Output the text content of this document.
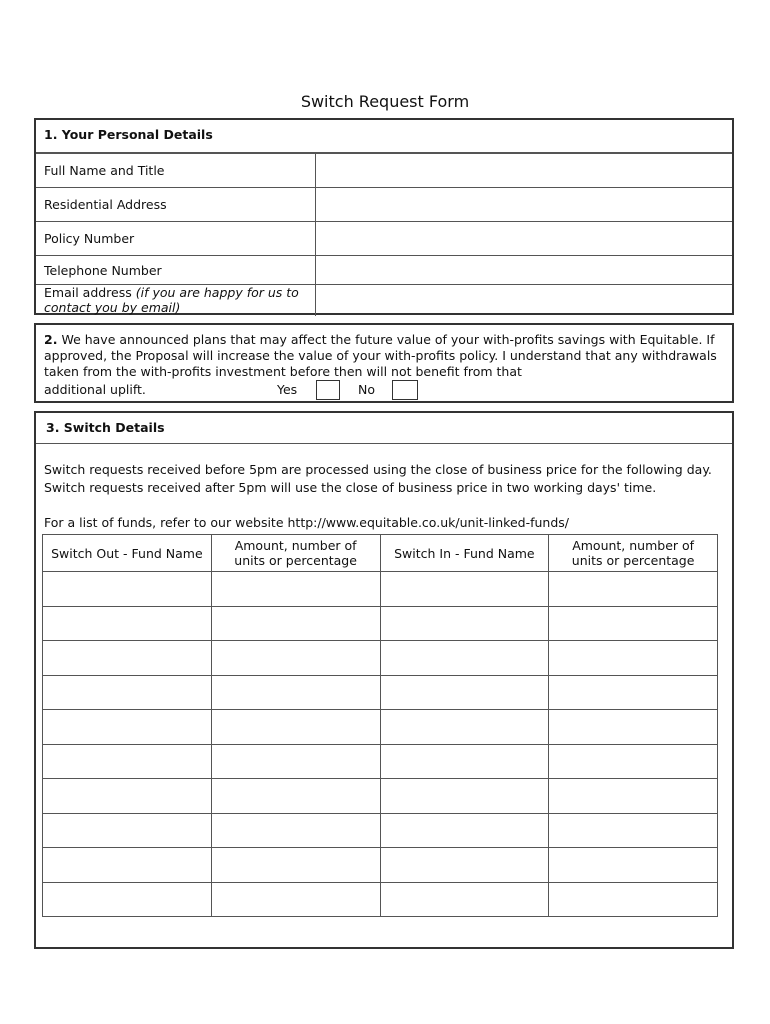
Switch Request Form
1. Your Personal Details
Full Name and Title	
Residential Address	
Policy Number	
Telephone Number	
Email address (if you are happy for us to contact you by email)	
2. We have announced plans that may affect the future value of your with-profits savings with Equitable. If approved, the Proposal will increase the value of your with-profits policy. I understand that any withdrawals taken from the with-profits investment before then will not benefit from that
additional uplift.	Yes	No
3. Switch Details
Switch requests received before 5pm are processed using the close of business price for the following day.
Switch requests received after 5pm will use the close of business price in two working days' time.
For a list of funds, refer to our website http://www.equitable.co.uk/unit-linked-funds/
Switch Out - Fund Name	Amount, number of units or percentage	Switch In - Fund Name	Amount, number of units or percentage
